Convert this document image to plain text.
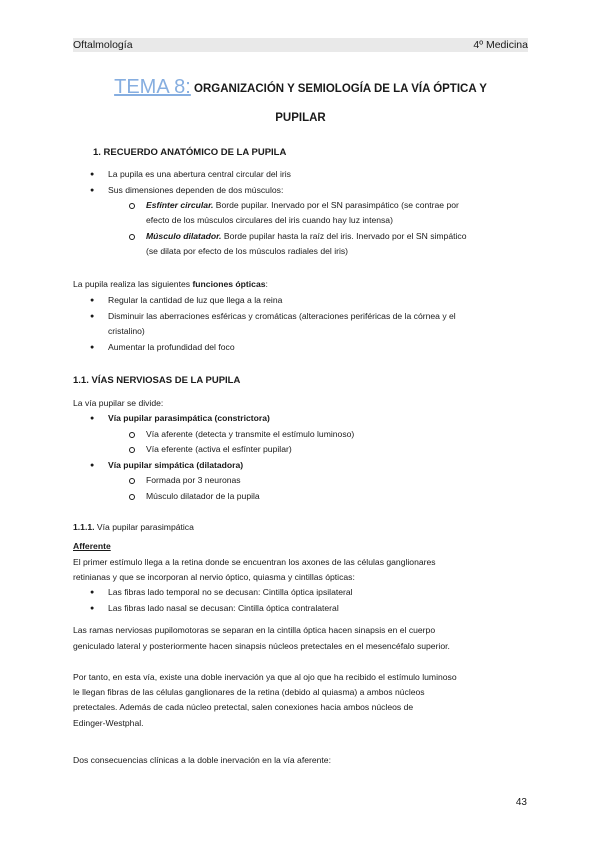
Oftalmología	4º Medicina
TEMA 8: ORGANIZACIÓN Y SEMIOLOGÍA DE LA VÍA ÓPTICA Y
PUPILAR
1. RECUERDO ANATÓMICO DE LA PUPILA
● La pupila es una abertura central circular del iris
● Sus dimensiones dependen de dos músculos:
Esfínter circular. Borde pupilar. Inervado por el SN parasimpático (se contrae por
efecto de los músculos circulares del iris cuando hay luz intensa)
Músculo dilatador. Borde pupilar hasta la raíz del iris. Inervado por el SN simpático
(se dilata por efecto de los músculos radiales del iris)
La pupila realiza las siguientes funciones ópticas:
● Regular la cantidad de luz que llega a la reina
● Disminuir las aberraciones esféricas y cromáticas (alteraciones periféricas de la córnea y el
cristalino)
● Aumentar la profundidad del foco
1.1. VÍAS NERVIOSAS DE LA PUPILA
La vía pupilar se divide:
● Vía pupilar parasimpática (constrictora)
Vía aferente (detecta y transmite el estímulo luminoso)
Vía eferente (activa el esfínter pupilar)
● Vía pupilar simpática (dilatadora)
Formada por 3 neuronas
Músculo dilatador de la pupila
1.1.1. Vía pupilar parasimpática
Afferente
El primer estímulo llega a la retina donde se encuentran los axones de las células ganglionares
retinianas y que se incorporan al nervio óptico, quiasma y cintillas ópticas:
● Las fibras lado temporal no se decusan: Cintilla óptica ipsilateral
● Las fibras lado nasal se decusan: Cintilla óptica contralateral
Las ramas nerviosas pupilomotoras se separan en la cintilla óptica hacen sinapsis en el cuerpo
geniculado lateral y posteriormente hacen sinapsis núcleos pretectales en el mesencéfalo superior.
Por tanto, en esta vía, existe una doble inervación ya que al ojo que ha recibido el estímulo luminoso
le llegan fibras de las células ganglionares de la retina (debido al quiasma) a ambos núcleos
pretectales. Además de cada núcleo pretectal, salen conexiones hacia ambos núcleos de
Edinger-Westphal.
Dos consecuencias clínicas a la doble inervación en la vía aferente:
43
